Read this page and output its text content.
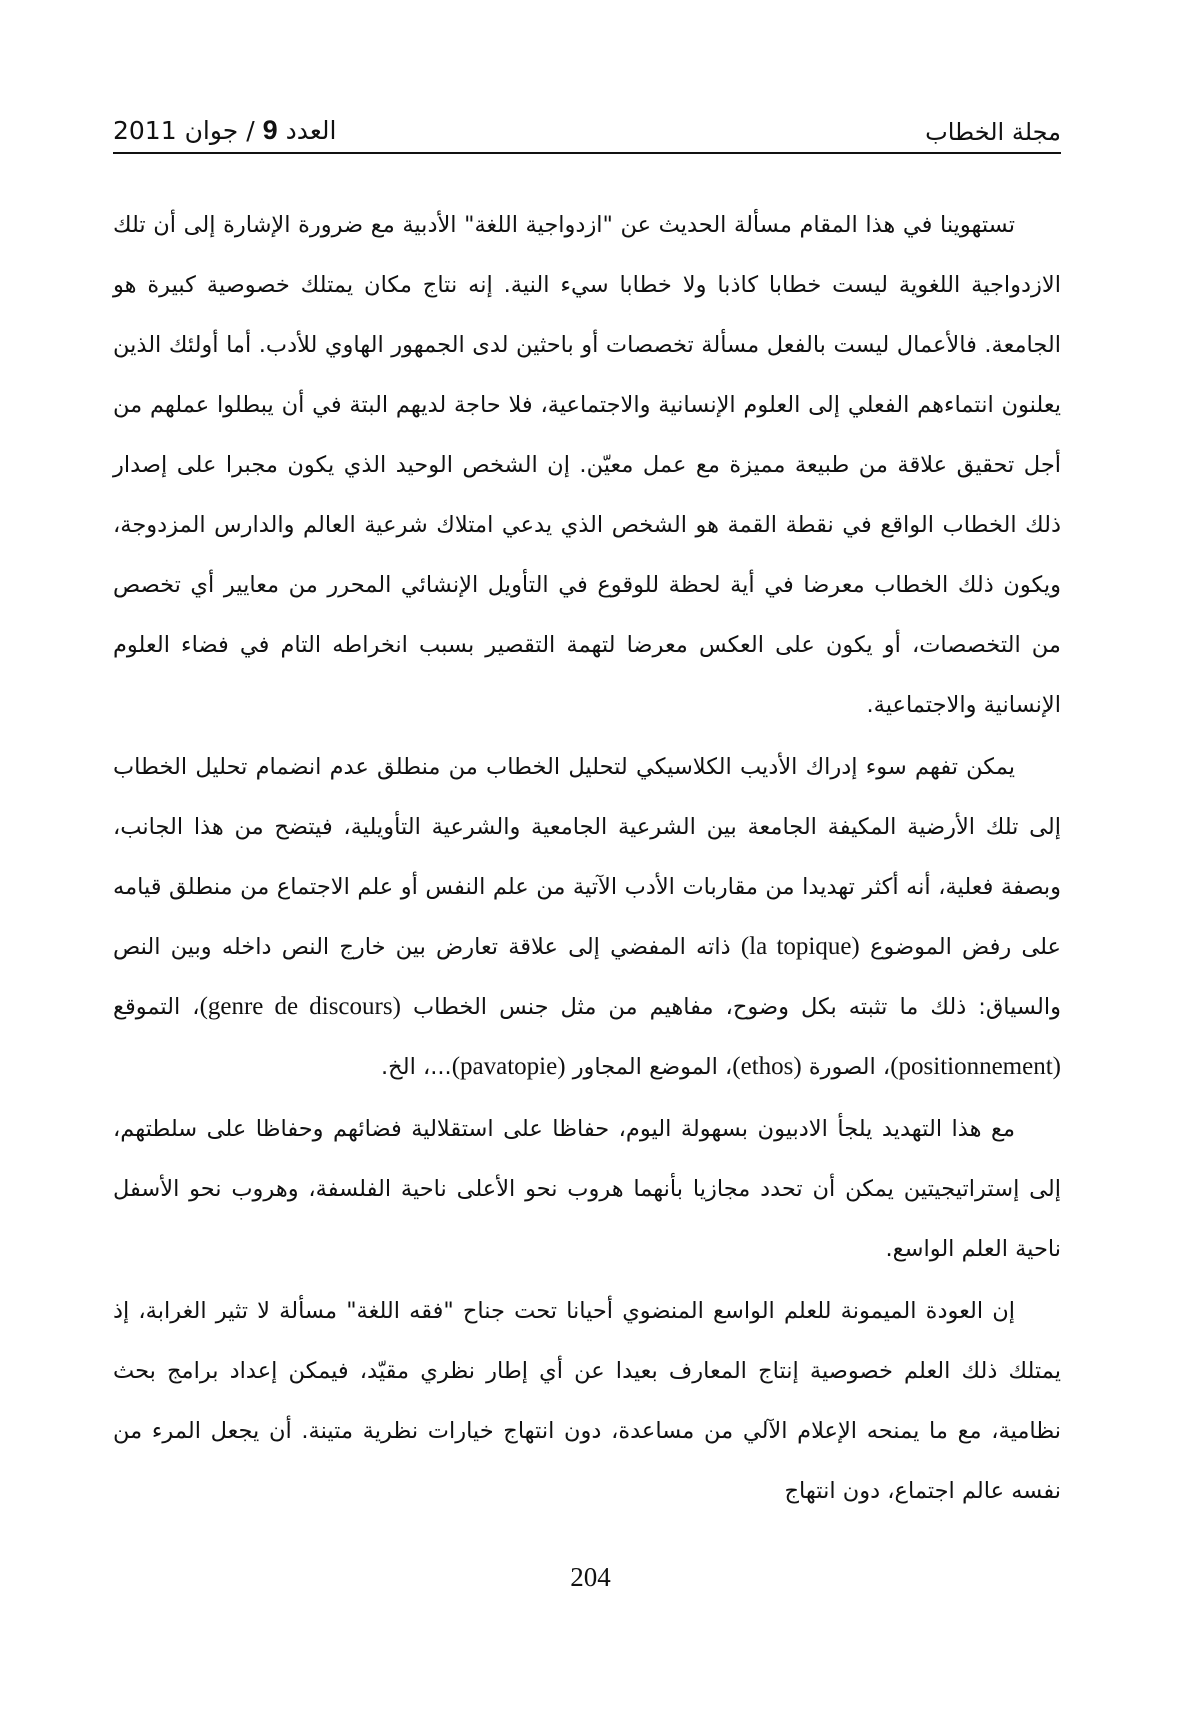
مجلة الخطاب
العدد 9 / جوان 2011

تستهوينا في هذا المقام مسألة الحديث عن "ازدواجية اللغة" الأدبية مع ضرورة الإشارة إلى أن تلك الازدواجية اللغوية ليست خطابا كاذبا ولا خطابا سيء النية. إنه نتاج مكان يمتلك خصوصية كبيرة هو الجامعة. فالأعمال ليست بالفعل مسألة تخصصات أو باحثين لدى الجمهور الهاوي للأدب. أما أولئك الذين يعلنون انتماءهم الفعلي إلى العلوم الإنسانية والاجتماعية، فلا حاجة لديهم البتة في أن يبطلوا عملهم من أجل تحقيق علاقة من طبيعة مميزة مع عمل معيّن. إن الشخص الوحيد الذي يكون مجبرا على إصدار ذلك الخطاب الواقع في نقطة القمة هو الشخص الذي يدعي امتلاك شرعية العالم والدارس المزدوجة، ويكون ذلك الخطاب معرضا في أية لحظة للوقوع في التأويل الإنشائي المحرر من معايير أي تخصص من التخصصات، أو يكون على العكس معرضا لتهمة التقصير بسبب انخراطه التام في فضاء العلوم الإنسانية والاجتماعية.

يمكن تفهم سوء إدراك الأديب الكلاسيكي لتحليل الخطاب من منطلق عدم انضمام تحليل الخطاب إلى تلك الأرضية المكيفة الجامعة بين الشرعية الجامعية والشرعية التأويلية، فيتضح من هذا الجانب، وبصفة فعلية، أنه أكثر تهديدا من مقاربات الأدب الآتية من علم النفس أو علم الاجتماع من منطلق قيامه على رفض الموضوع (la topique) ذاته المفضي إلى علاقة تعارض بين خارج النص داخله وبين النص والسياق: ذلك ما تثبته بكل وضوح، مفاهيم من مثل جنس الخطاب (genre de discours)، التموقع (positionnement)، الصورة (ethos)، الموضع المجاور (pavatopie)...، الخ.

مع هذا التهديد يلجأ الادبيون بسهولة اليوم، حفاظا على استقلالية فضائهم وحفاظا على سلطتهم، إلى إستراتيجيتين يمكن أن تحدد مجازيا بأنهما هروب نحو الأعلى ناحية الفلسفة، وهروب نحو الأسفل ناحية العلم الواسع.

إن العودة الميمونة للعلم الواسع المنضوي أحيانا تحت جناح "فقه اللغة" مسألة لا تثير الغرابة، إذ يمتلك ذلك العلم خصوصية إنتاج المعارف بعيدا عن أي إطار نظري مقيّد، فيمكن إعداد برامج بحث نظامية، مع ما يمنحه الإعلام الآلي من مساعدة، دون انتهاج خيارات نظرية متينة. أن يجعل المرء من نفسه عالم اجتماع، دون انتهاج

204
